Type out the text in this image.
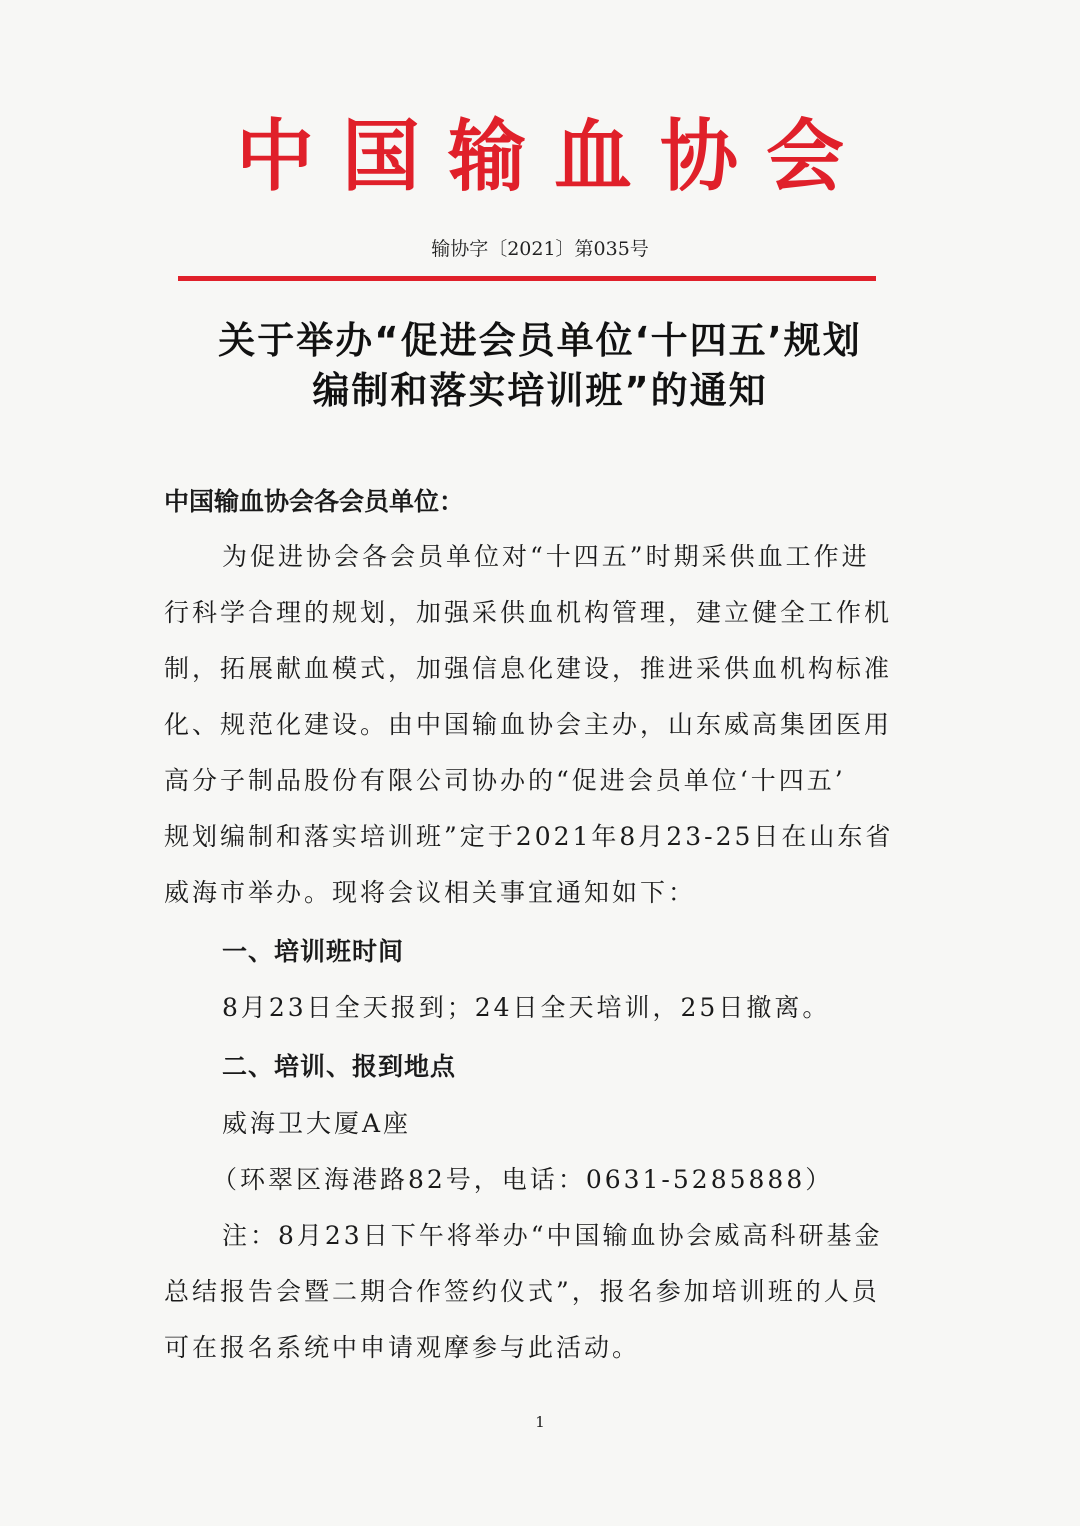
中国输血协会
输协字〔2021〕第035号
关于举办“促进会员单位‘十四五’规划
编制和落实培训班”的通知
中国输血协会各会员单位：
为促进协会各会员单位对“十四五”时期采供血工作进
行科学合理的规划，加强采供血机构管理，建立健全工作机
制，拓展献血模式，加强信息化建设，推进采供血机构标准
化、规范化建设。由中国输血协会主办，山东威高集团医用
高分子制品股份有限公司协办的“促进会员单位‘十四五’
规划编制和落实培训班”定于2021年8月23-25日在山东省
威海市举办。现将会议相关事宜通知如下：
一、培训班时间
8月23日全天报到；24日全天培训，25日撤离。
二、培训、报到地点
威海卫大厦A座
（环翠区海港路82号，电话：0631-5285888）
注：8月23日下午将举办“中国输血协会威高科研基金
总结报告会暨二期合作签约仪式”，报名参加培训班的人员
可在报名系统中申请观摩参与此活动。
1
